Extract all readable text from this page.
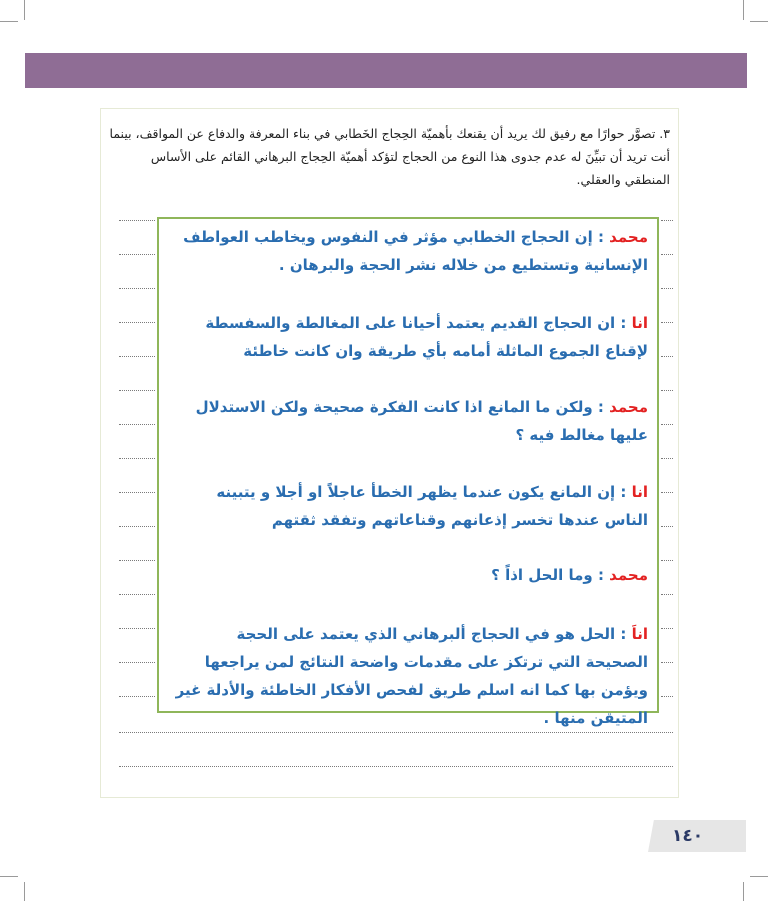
٣. تصوَّر حوارًا مع رفيق لك يريد أن يقنعك بأهميّة الحِجاج الخَطابي في بناء المعرفة والدفاع عن المواقف، بينما أنت تريد أن تبيِّنَ له عدم جدوى هذا النوع من الحجاج لتؤكد أهميّة الحِجاج البرهاني القائم على الأساس المنطقي والعقلي.

محمد : إن الحجاج الخطابي مؤثر في النفوس ويخاطب العواطف الإنسانية وتستطيع من خلاله نشر الحجة والبرهان .
انا : ان الحجاج القديم يعتمد أحيانا على المغالطة والسفسطة لإقناع الجموع الماثلة أمامه بأي طريقة وان كانت خاطئة
محمد : ولكن ما المانع اذا كانت الفكرة صحيحة ولكن الاستدلال عليها مغالط فيه ؟
انا : إن المانع يكون عندما يظهر الخطأ عاجلاً او أجلا و يتبينه الناس عندها تخسر إذعانهم وقناعاتهم وتفقد ثقتهم
محمد : وما الحل اذاً ؟
اناَ : الحل هو في الحجاج ألبرهاني الذي يعتمد على الحجة الصحيحة التي ترتكز على مقدمات واضحة النتائج لمن يراجعها ويؤمن بها كما انه اسلم طريق لفحص الأفكار الخاطئة والأدلة غير المتيقن منها .
١٤٠
